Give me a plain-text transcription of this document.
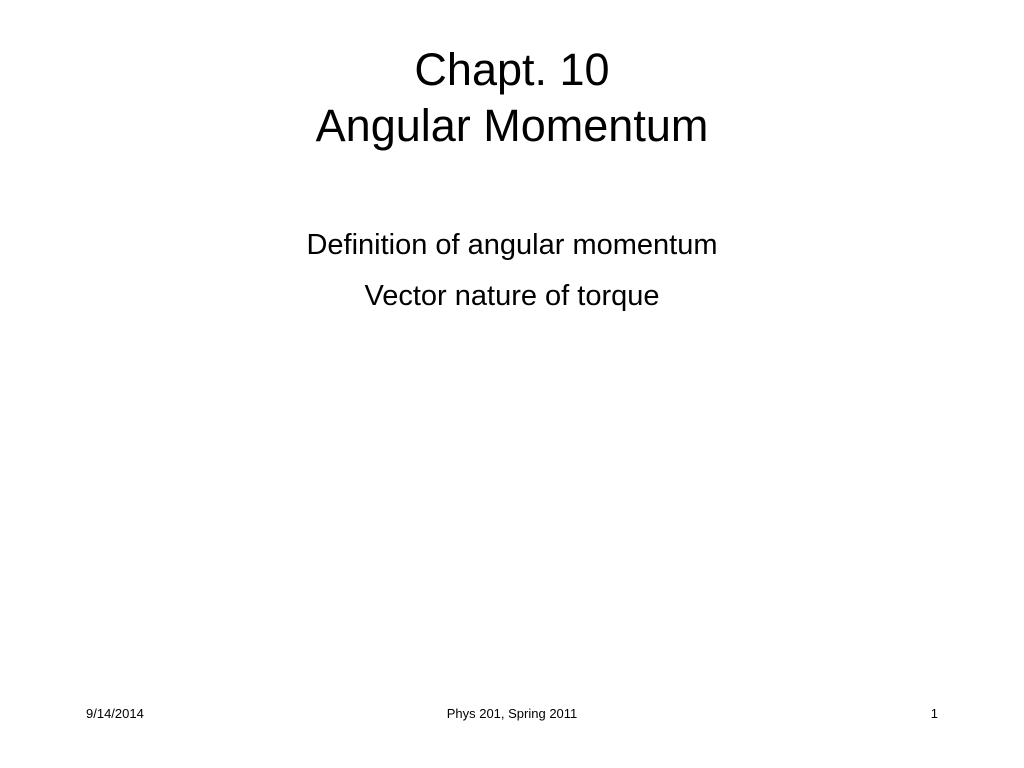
Chapt. 10
Angular Momentum
Definition of angular momentum
Vector nature of torque
9/14/2014	Phys 201, Spring 2011	1
